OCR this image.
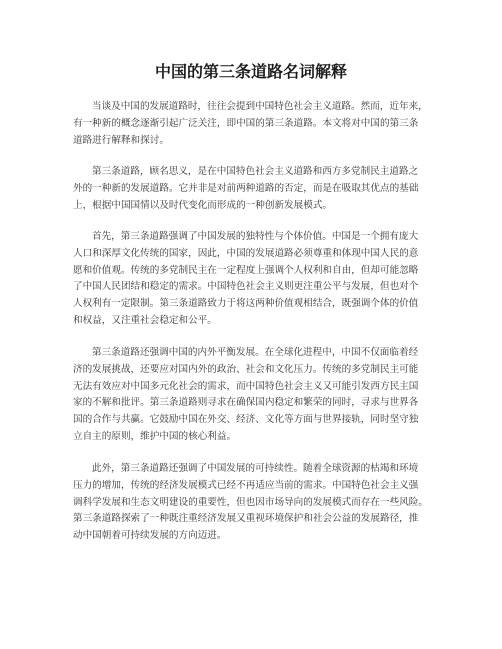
中国的第三条道路名词解释

当谈及中国的发展道路时，往往会提到中国特色社会主义道路。然而，近年来，
有一种新的概念逐渐引起广泛关注，即中国的第三条道路。本文将对中国的第三条
道路进行解释和探讨。

第三条道路，顾名思义，是在中国特色社会主义道路和西方多党制民主道路之
外的一种新的发展道路。它并非是对前两种道路的否定，而是在吸取其优点的基础
上，根据中国国情以及时代变化而形成的一种创新发展模式。

首先，第三条道路强调了中国发展的独特性与个体价值。中国是一个拥有庞大
人口和深厚文化传统的国家，因此，中国的发展道路必须尊重和体现中国人民的意
愿和价值观。传统的多党制民主在一定程度上强调个人权利和自由，但却可能忽略
了中国人民团结和稳定的需求。中国特色社会主义则更注重公平与发展，但也对个
人权利有一定限制。第三条道路致力于将这两种价值观相结合，既强调个体的价值
和权益，又注重社会稳定和公平。

第三条道路还强调中国的内外平衡发展。在全球化进程中，中国不仅面临着经
济的发展挑战，还要应对国内外的政治、社会和文化压力。传统的多党制民主可能
无法有效应对中国多元化社会的需求，而中国特色社会主义又可能引发西方民主国
家的不解和批评。第三条道路则寻求在确保国内稳定和繁荣的同时，寻求与世界各
国的合作与共赢。它鼓励中国在外交、经济、文化等方面与世界接轨，同时坚守独
立自主的原则，维护中国的核心利益。

此外，第三条道路还强调了中国发展的可持续性。随着全球资源的枯竭和环境
压力的增加，传统的经济发展模式已经不再适应当前的需求。中国特色社会主义强
调科学发展和生态文明建设的重要性，但也因市场导向的发展模式而存在一些风险。
第三条道路探索了一种既注重经济发展又重视环境保护和社会公益的发展路径，推
动中国朝着可持续发展的方向迈进。
